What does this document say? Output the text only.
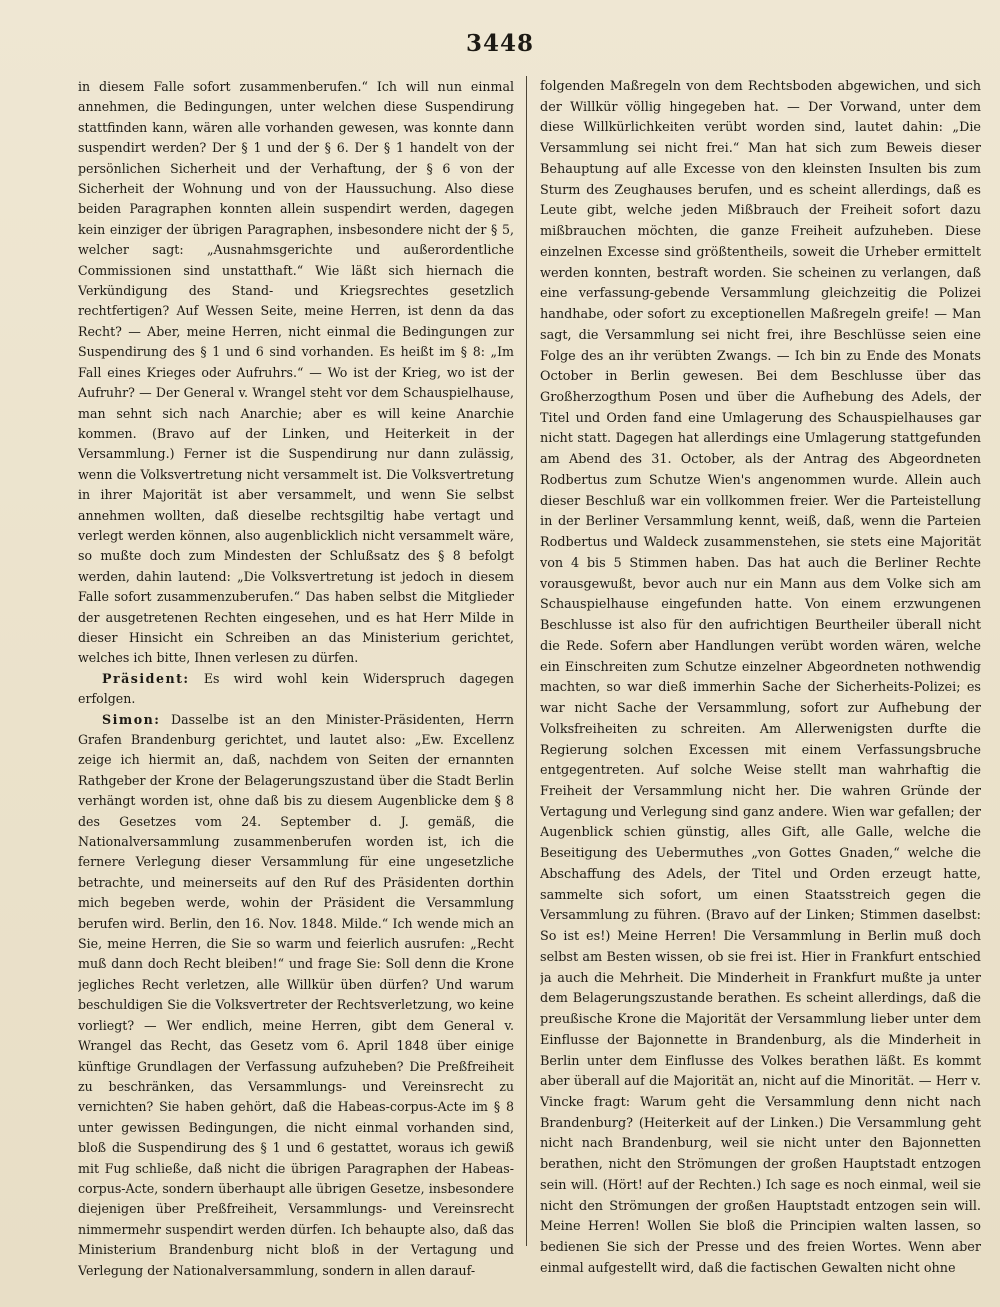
3448

in diesem Falle sofort zusammenberufen.“ Ich will nun einmal annehmen, die Bedingungen, unter welchen diese Suspendirung stattfinden kann, wären alle vorhanden gewesen, was konnte dann suspendirt werden? Der § 1 und der § 6. Der § 1 handelt von der persönlichen Sicherheit und der Verhaftung, der § 6 von der Sicherheit der Wohnung und von der Haussuchung. Also diese beiden Paragraphen konnten allein suspendirt werden, dagegen kein einziger der übrigen Paragraphen, insbesondere nicht der § 5, welcher sagt: „Ausnahmsgerichte und außerordentliche Commissionen sind unstatthaft.“ Wie läßt sich hiernach die Verkündigung des Stand- und Kriegsrechtes gesetzlich rechtfertigen? Auf Wessen Seite, meine Herren, ist denn da das Recht? — Aber, meine Herren, nicht einmal die Bedingungen zur Suspendirung des § 1 und 6 sind vorhanden. Es heißt im § 8: „Im Fall eines Krieges oder Aufruhrs.“ — Wo ist der Krieg, wo ist der Aufruhr? — Der General v. Wrangel steht vor dem Schauspielhause, man sehnt sich nach Anarchie; aber es will keine Anarchie kommen. (Bravo auf der Linken, und Heiterkeit in der Versammlung.) Ferner ist die Suspendirung nur dann zulässig, wenn die Volksvertretung nicht versammelt ist. Die Volksvertretung in ihrer Majorität ist aber versammelt, und wenn Sie selbst annehmen wollten, daß dieselbe rechtsgiltig habe vertagt und verlegt werden können, also augenblicklich nicht versammelt wäre, so mußte doch zum Mindesten der Schlußsatz des § 8 befolgt werden, dahin lautend: „Die Volksvertretung ist jedoch in diesem Falle sofort zusammenzuberufen.“ Das haben selbst die Mitglieder der ausgetretenen Rechten eingesehen, und es hat Herr Milde in dieser Hinsicht ein Schreiben an das Ministerium gerichtet, welches ich bitte, Ihnen verlesen zu dürfen.

Präsident: Es wird wohl kein Widerspruch dagegen erfolgen.

Simon: Dasselbe ist an den Minister-Präsidenten, Herrn Grafen Brandenburg gerichtet, und lautet also: „Ew. Excellenz zeige ich hiermit an, daß, nachdem von Seiten der ernannten Rathgeber der Krone der Belagerungszustand über die Stadt Berlin verhängt worden ist, ohne daß bis zu diesem Augenblicke dem § 8 des Gesetzes vom 24. September d. J. gemäß, die Nationalversammlung zusammenberufen worden ist, ich die fernere Verlegung dieser Versammlung für eine ungesetzliche betrachte, und meinerseits auf den Ruf des Präsidenten dorthin mich begeben werde, wohin der Präsident die Versammlung berufen wird. Berlin, den 16. Nov. 1848. Milde.“ Ich wende mich an Sie, meine Herren, die Sie so warm und feierlich ausrufen: „Recht muß dann doch Recht bleiben!“ und frage Sie: Soll denn die Krone jegliches Recht verletzen, alle Willkür üben dürfen? Und warum beschuldigen Sie die Volksvertreter der Rechtsverletzung, wo keine vorliegt? — Wer endlich, meine Herren, gibt dem General v. Wrangel das Recht, das Gesetz vom 6. April 1848 über einige künftige Grundlagen der Verfassung aufzuheben? Die Preßfreiheit zu beschränken, das Versammlungs- und Vereinsrecht zu vernichten? Sie haben gehört, daß die Habeas-corpus-Acte im § 8 unter gewissen Bedingungen, die nicht einmal vorhanden sind, bloß die Suspendirung des § 1 und 6 gestattet, woraus ich gewiß mit Fug schließe, daß nicht die übrigen Paragraphen der Habeas-corpus-Acte, sondern überhaupt alle übrigen Gesetze, insbesondere diejenigen über Preßfreiheit, Versammlungs- und Vereinsrecht nimmermehr suspendirt werden dürfen. Ich behaupte also, daß das Ministerium Brandenburg nicht bloß in der Vertagung und Verlegung der Nationalversammlung, sondern in allen darauf-

folgenden Maßregeln von dem Rechtsboden abgewichen, und sich der Willkür völlig hingegeben hat. — Der Vorwand, unter dem diese Willkürlichkeiten verübt worden sind, lautet dahin: „Die Versammlung sei nicht frei.“ Man hat sich zum Beweis dieser Behauptung auf alle Excesse von den kleinsten Insulten bis zum Sturm des Zeughauses berufen, und es scheint allerdings, daß es Leute gibt, welche jeden Mißbrauch der Freiheit sofort dazu mißbrauchen möchten, die ganze Freiheit aufzuheben. Diese einzelnen Excesse sind größtentheils, soweit die Urheber ermittelt werden konnten, bestraft worden. Sie scheinen zu verlangen, daß eine verfassung-gebende Versammlung gleichzeitig die Polizei handhabe, oder sofort zu exceptionellen Maßregeln greife! — Man sagt, die Versammlung sei nicht frei, ihre Beschlüsse seien eine Folge des an ihr verübten Zwangs. — Ich bin zu Ende des Monats October in Berlin gewesen. Bei dem Beschlusse über das Großherzogthum Posen und über die Aufhebung des Adels, der Titel und Orden fand eine Umlagerung des Schauspielhauses gar nicht statt. Dagegen hat allerdings eine Umlagerung stattgefunden am Abend des 31. October, als der Antrag des Abgeordneten Rodbertus zum Schutze Wien's angenommen wurde. Allein auch dieser Beschluß war ein vollkommen freier. Wer die Parteistellung in der Berliner Versammlung kennt, weiß, daß, wenn die Parteien Rodbertus und Waldeck zusammenstehen, sie stets eine Majorität von 4 bis 5 Stimmen haben. Das hat auch die Berliner Rechte vorausgewußt, bevor auch nur ein Mann aus dem Volke sich am Schauspielhause eingefunden hatte. Von einem erzwungenen Beschlusse ist also für den aufrichtigen Beurtheiler überall nicht die Rede. Sofern aber Handlungen verübt worden wären, welche ein Einschreiten zum Schutze einzelner Abgeordneten nothwendig machten, so war dieß immerhin Sache der Sicherheits-Polizei; es war nicht Sache der Versammlung, sofort zur Aufhebung der Volksfreiheiten zu schreiten. Am Allerwenigsten durfte die Regierung solchen Excessen mit einem Verfassungsbruche entgegentreten. Auf solche Weise stellt man wahrhaftig die Freiheit der Versammlung nicht her. Die wahren Gründe der Vertagung und Verlegung sind ganz andere. Wien war gefallen; der Augenblick schien günstig, alles Gift, alle Galle, welche die Beseitigung des Uebermuthes „von Gottes Gnaden,“ welche die Abschaffung des Adels, der Titel und Orden erzeugt hatte, sammelte sich sofort, um einen Staatsstreich gegen die Versammlung zu führen. (Bravo auf der Linken; Stimmen daselbst: So ist es!) Meine Herren! Die Versammlung in Berlin muß doch selbst am Besten wissen, ob sie frei ist. Hier in Frankfurt entschied ja auch die Mehrheit. Die Minderheit in Frankfurt mußte ja unter dem Belagerungszustande berathen. Es scheint allerdings, daß die preußische Krone die Majorität der Versammlung lieber unter dem Einflusse der Bajonnette in Brandenburg, als die Minderheit in Berlin unter dem Einflusse des Volkes berathen läßt. Es kommt aber überall auf die Majorität an, nicht auf die Minorität. — Herr v. Vincke fragt: Warum geht die Versammlung denn nicht nach Brandenburg? (Heiterkeit auf der Linken.) Die Versammlung geht nicht nach Brandenburg, weil sie nicht unter den Bajonnetten berathen, nicht den Strömungen der großen Hauptstadt entzogen sein will. (Hört! auf der Rechten.) Ich sage es noch einmal, weil sie nicht den Strömungen der großen Hauptstadt entzogen sein will. Meine Herren! Wollen Sie bloß die Principien walten lassen, so bedienen Sie sich der Presse und des freien Wortes. Wenn aber einmal aufgestellt wird, daß die factischen Gewalten nicht ohne
